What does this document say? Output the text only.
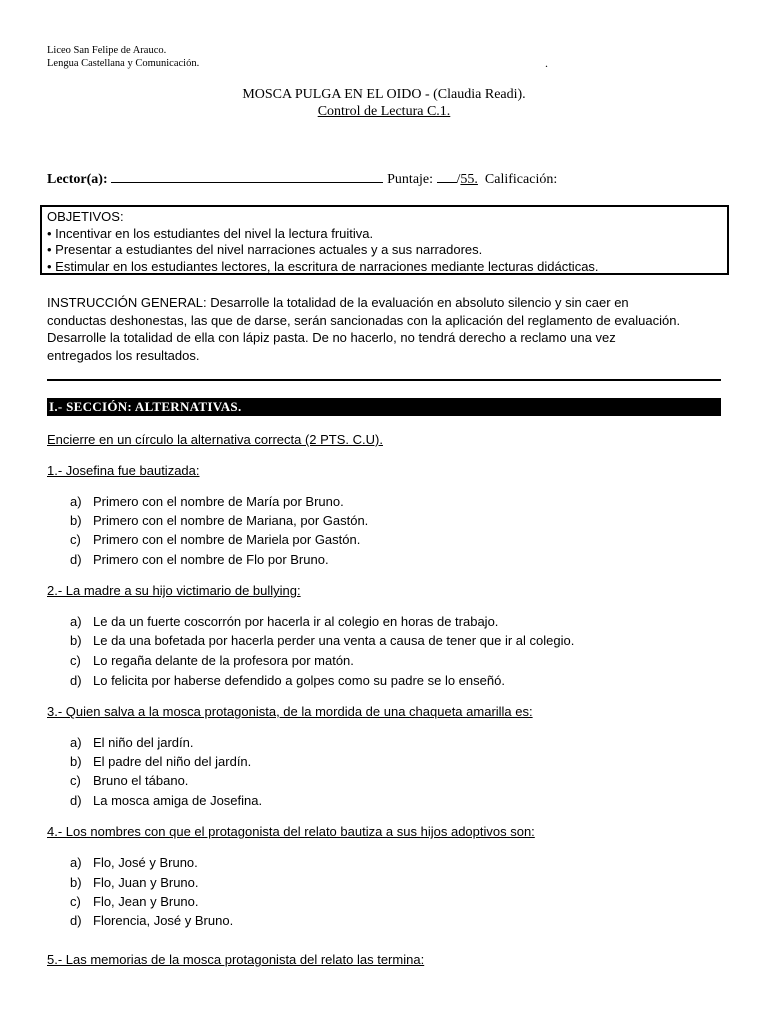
Liceo San Felipe de Arauco.
Lengua Castellana y Comunicación.	.
MOSCA PULGA EN EL OIDO - (Claudia Readi).
Control de Lectura C.1.
Lector(a):	Puntaje: /55. Calificación:
OBJETIVOS:
• Incentivar en los estudiantes del nivel la lectura fruitiva.
• Presentar a estudiantes del nivel narraciones actuales y a sus narradores.
• Estimular en los estudiantes lectores, la escritura de narraciones mediante lecturas didácticas.
INSTRUCCIÓN GENERAL: Desarrolle la totalidad de la evaluación en absoluto silencio y sin caer en
conductas deshonestas, las que de darse, serán sancionadas con la aplicación del reglamento de evaluación.
Desarrolle la totalidad de ella con lápiz pasta. De no hacerlo, no tendrá derecho a reclamo una vez
entregados los resultados.
I.- SECCIÓN: ALTERNATIVAS.
Encierre en un círculo la alternativa correcta (2 PTS. C.U).
1.- Josefina fue bautizada:
a) Primero con el nombre de María por Bruno.
b) Primero con el nombre de Mariana, por Gastón.
c) Primero con el nombre de Mariela por Gastón.
d) Primero con el nombre de Flo por Bruno.
2.- La madre a su hijo victimario de bullying:
a) Le da un fuerte coscorrón por hacerla ir al colegio en horas de trabajo.
b) Le da una bofetada por hacerla perder una venta a causa de tener que ir al colegio.
c) Lo regaña delante de la profesora por matón.
d) Lo felicita por haberse defendido a golpes como su padre se lo enseñó.
3.- Quien salva a la mosca protagonista, de la mordida de una chaqueta amarilla es:
a) El niño del jardín.
b) El padre del niño del jardín.
c) Bruno el tábano.
d) La mosca amiga de Josefina.
4.- Los nombres con que el protagonista del relato bautiza a sus hijos adoptivos son:
a) Flo, José y Bruno.
b) Flo, Juan y Bruno.
c) Flo, Jean y Bruno.
d) Florencia, José y Bruno.
5.- Las memorias de la mosca protagonista del relato las termina:
